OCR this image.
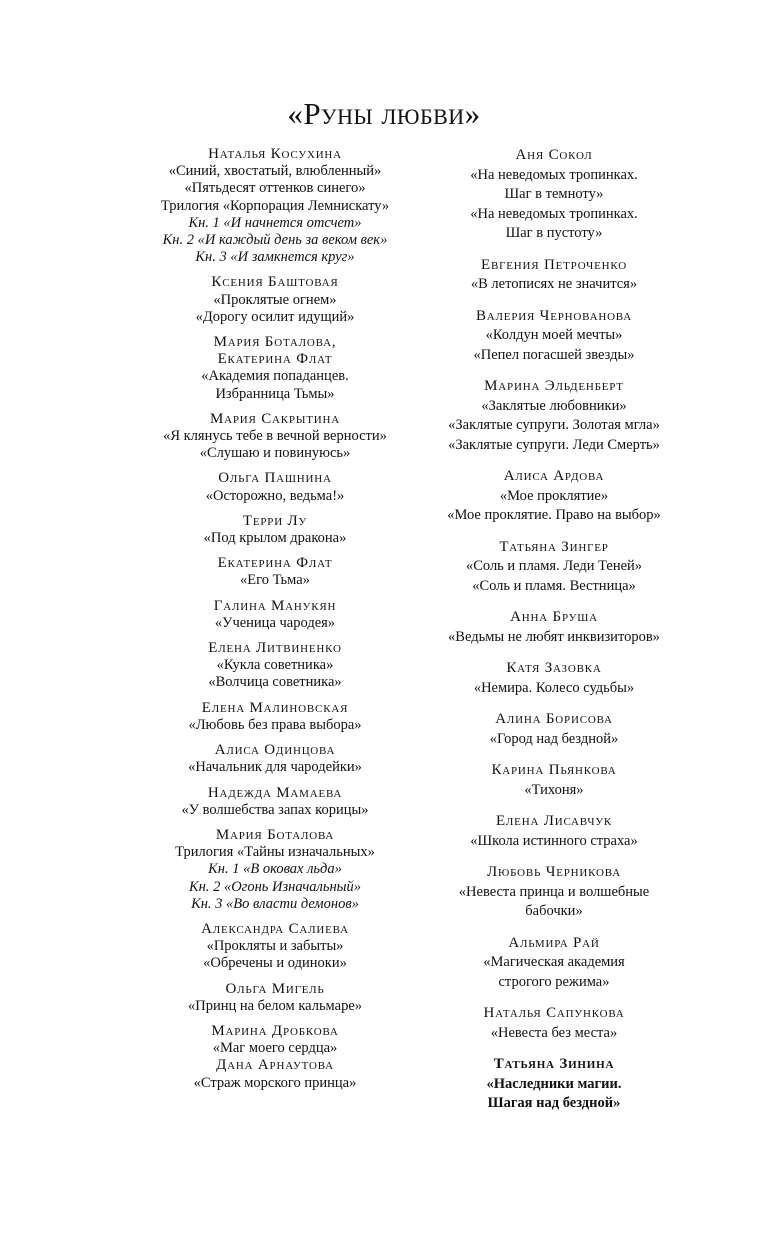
«Руны любви»
Наталья Косухина
«Синий, хвостатый, влюбленный»
«Пятьдесят оттенков синего»
Трилогия «Корпорация Лемнискату»
Кн. 1 «И начнется отсчет»
Кн. 2 «И каждый день за веком век»
Кн. 3 «И замкнется круг»
Ксения Баштовая
«Проклятые огнем»
«Дорогу осилит идущий»
Мария Боталова,
Екатерина Флат
«Академия попаданцев.
Избранница Тьмы»
Мария Сакрытина
«Я клянусь тебе в вечной верности»
«Слушаю и повинуюсь»
Ольга Пашнина
«Осторожно, ведьма!»
Терри Лу
«Под крылом дракона»
Екатерина Флат
«Его Тьма»
Галина Манукян
«Ученица чародея»
Елена Литвиненко
«Кукла советника»
«Волчица советника»
Елена Малиновская
«Любовь без права выбора»
Алиса Одинцова
«Начальник для чародейки»
Надежда Мамаева
«У волшебства запах корицы»
Мария Боталова
Трилогия «Тайны изначальных»
Кн. 1 «В оковах льда»
Кн. 2 «Огонь Изначальный»
Кн. 3 «Во власти демонов»
Александра Салиева
«Прокляты и забыты»
«Обречены и одиноки»
Ольга Мигель
«Принц на белом кальмаре»
Марина Дробкова
«Маг моего сердца»
Дана Арнаутова
«Страж морского принца»
Аня Сокол
«На неведомых тропинках.
Шаг в темноту»
«На неведомых тропинках.
Шаг в пустоту»
Евгения Петроченко
«В летописях не значится»
Валерия Чернованова
«Колдун моей мечты»
«Пепел погасшей звезды»
Марина Эльденберт
«Заклятые любовники»
«Заклятые супруги. Золотая мгла»
«Заклятые супруги. Леди Смерть»
Алиса Ардова
«Мое проклятие»
«Мое проклятие. Право на выбор»
Татьяна Зингер
«Соль и пламя. Леди Теней»
«Соль и пламя. Вестница»
Анна Бруша
«Ведьмы не любят инквизиторов»
Катя Зазовка
«Немира. Колесо судьбы»
Алина Борисова
«Город над бездной»
Карина Пьянкова
«Тихоня»
Елена Лисавчук
«Школа истинного страха»
Любовь Черникова
«Невеста принца и волшебные
бабочки»
Альмира Рай
«Магическая академия
строгого режима»
Наталья Сапункова
«Невеста без места»
Татьяна Зинина
«Наследники магии.
Шагая над бездной»
